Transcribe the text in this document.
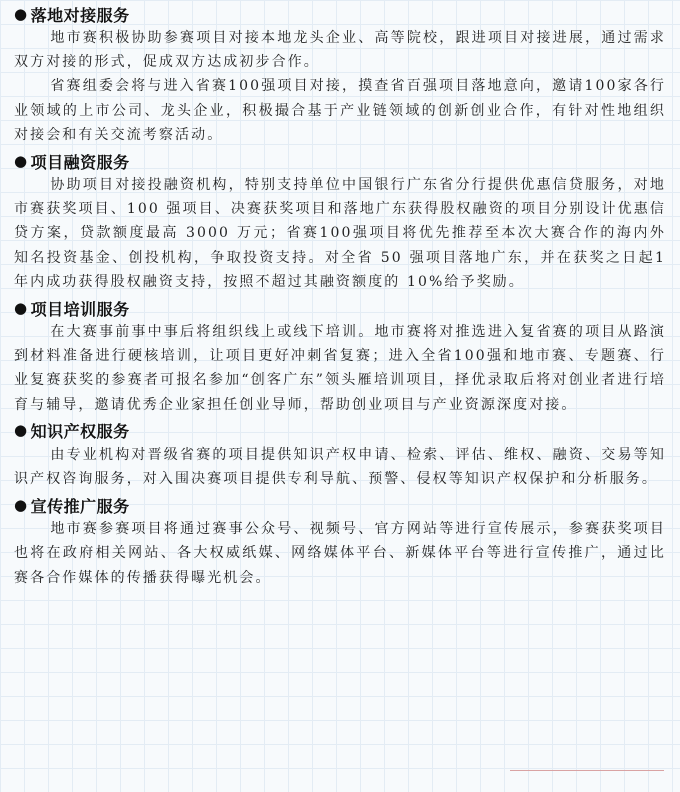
● 落地对接服务

地市赛积极协助参赛项目对接本地龙头企业、高等院校，跟进项目对接进展，通过需求双方对接的形式，促成双方达成初步合作。

省赛组委会将与进入省赛100强项目对接，摸查省百强项目落地意向，邀请100家各行业领域的上市公司、龙头企业，积极撮合基于产业链领域的创新创业合作，有针对性地组织对接会和有关交流考察活动。

● 项目融资服务

协助项目对接投融资机构，特别支持单位中国银行广东省分行提供优惠信贷服务，对地市赛获奖项目、100 强项目、决赛获奖项目和落地广东获得股权融资的项目分别设计优惠信贷方案，贷款额度最高 3000 万元；省赛100强项目将优先推荐至本次大赛合作的海内外知名投资基金、创投机构，争取投资支持。对全省 50 强项目落地广东，并在获奖之日起1年内成功获得股权融资支持，按照不超过其融资额度的 10%给予奖励。

● 项目培训服务

在大赛事前事中事后将组织线上或线下培训。地市赛将对推选进入复省赛的项目从路演到材料准备进行硬核培训，让项目更好冲刺省复赛；进入全省100强和地市赛、专题赛、行业复赛获奖的参赛者可报名参加“创客广东”领头雁培训项目，择优录取后将对创业者进行培育与辅导，邀请优秀企业家担任创业导师，帮助创业项目与产业资源深度对接。

● 知识产权服务

由专业机构对晋级省赛的项目提供知识产权申请、检索、评估、维权、融资、交易等知识产权咨询服务，对入围决赛项目提供专利导航、预警、侵权等知识产权保护和分析服务。

● 宣传推广服务

地市赛参赛项目将通过赛事公众号、视频号、官方网站等进行宣传展示，参赛获奖项目也将在政府相关网站、各大权威纸媒、网络媒体平台、新媒体平台等进行宣传推广，通过比赛各合作媒体的传播获得曝光机会。
